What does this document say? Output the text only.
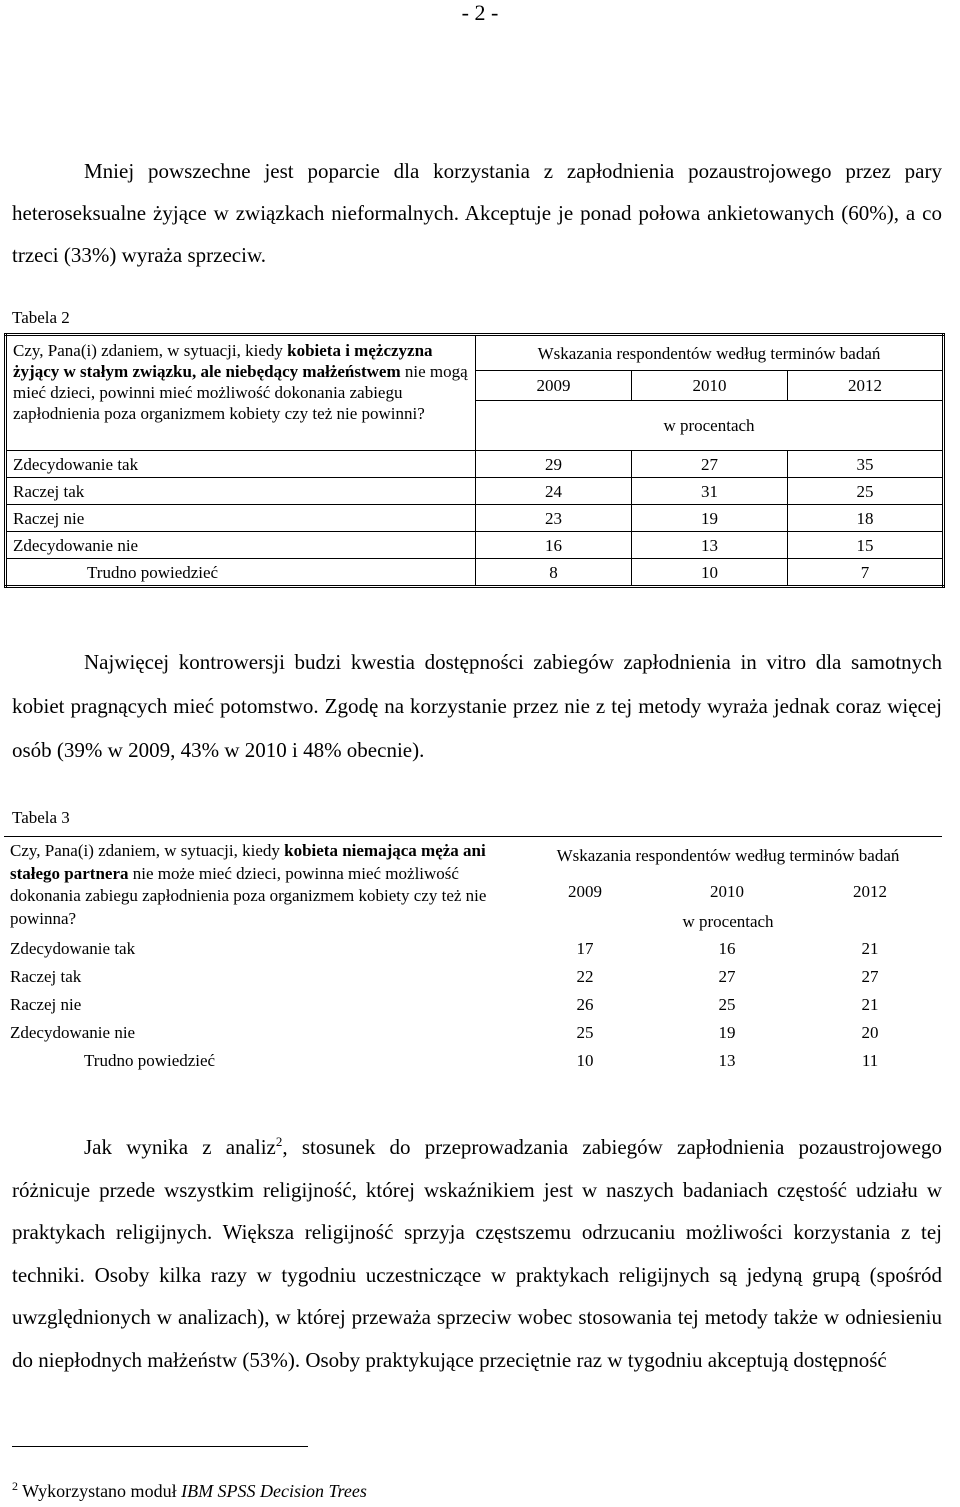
- 2 -

Mniej powszechne jest poparcie dla korzystania z zapłodnienia pozaustrojowego przez pary heteroseksualne żyjące w związkach nieformalnych. Akceptuje je ponad połowa ankietowanych (60%), a co trzeci (33%) wyraża sprzeciw.

Tabela 2
Czy, Pana(i) zdaniem, w sytuacji, kiedy kobieta i mężczyzna żyjący w stałym związku, ale niebędący małżeństwem nie mogą mieć dzieci, powinni mieć możliwość dokonania zabiegu zapłodnienia poza organizmem kobiety czy też nie powinni?	Wskazania respondentów według terminów badań		
	2009	2010	2012
	w procentach		
Zdecydowanie tak	29	27	35
Raczej tak	24	31	25
Raczej nie	23	19	18
Zdecydowanie nie	16	13	15
Trudno powiedzieć	8	10	7

Najwięcej kontrowersji budzi kwestia dostępności zabiegów zapłodnienia in vitro dla samotnych kobiet pragnących mieć potomstwo. Zgodę na korzystanie przez nie z tej metody wyraża jednak coraz więcej osób (39% w 2009, 43% w 2010 i 48% obecnie).

Tabela 3
Czy, Pana(i) zdaniem, w sytuacji, kiedy kobieta niemająca męża ani stałego partnera nie może mieć dzieci, powinna mieć możliwość dokonania zabiegu zapłodnienia poza organizmem kobiety czy też nie powinna?	Wskazania respondentów według terminów badań		
	2009	2010	2012
	w procentach		
Zdecydowanie tak	17	16	21
Raczej tak	22	27	27
Raczej nie	26	25	21
Zdecydowanie nie	25	19	20
Trudno powiedzieć	10	13	11

Jak wynika z analiz$^2$, stosunek do przeprowadzania zabiegów zapłodnienia pozaustrojowego różnicuje przede wszystkim religijność, której wskaźnikiem jest w naszych badaniach częstość udziału w praktykach religijnych. Większa religijność sprzyja częstszemu odrzucaniu możliwości korzystania z tej techniki. Osoby kilka razy w tygodniu uczestniczące w praktykach religijnych są jedyną grupą (spośród uwzględnionych w analizach), w której przeważa sprzeciw wobec stosowania tej metody także w odniesieniu do niepłodnych małżeństw (53%). Osoby praktykujące przeciętnie raz w tygodniu akceptują dostępność

$^2$ Wykorzystano moduł IBM SPSS Decision Trees
